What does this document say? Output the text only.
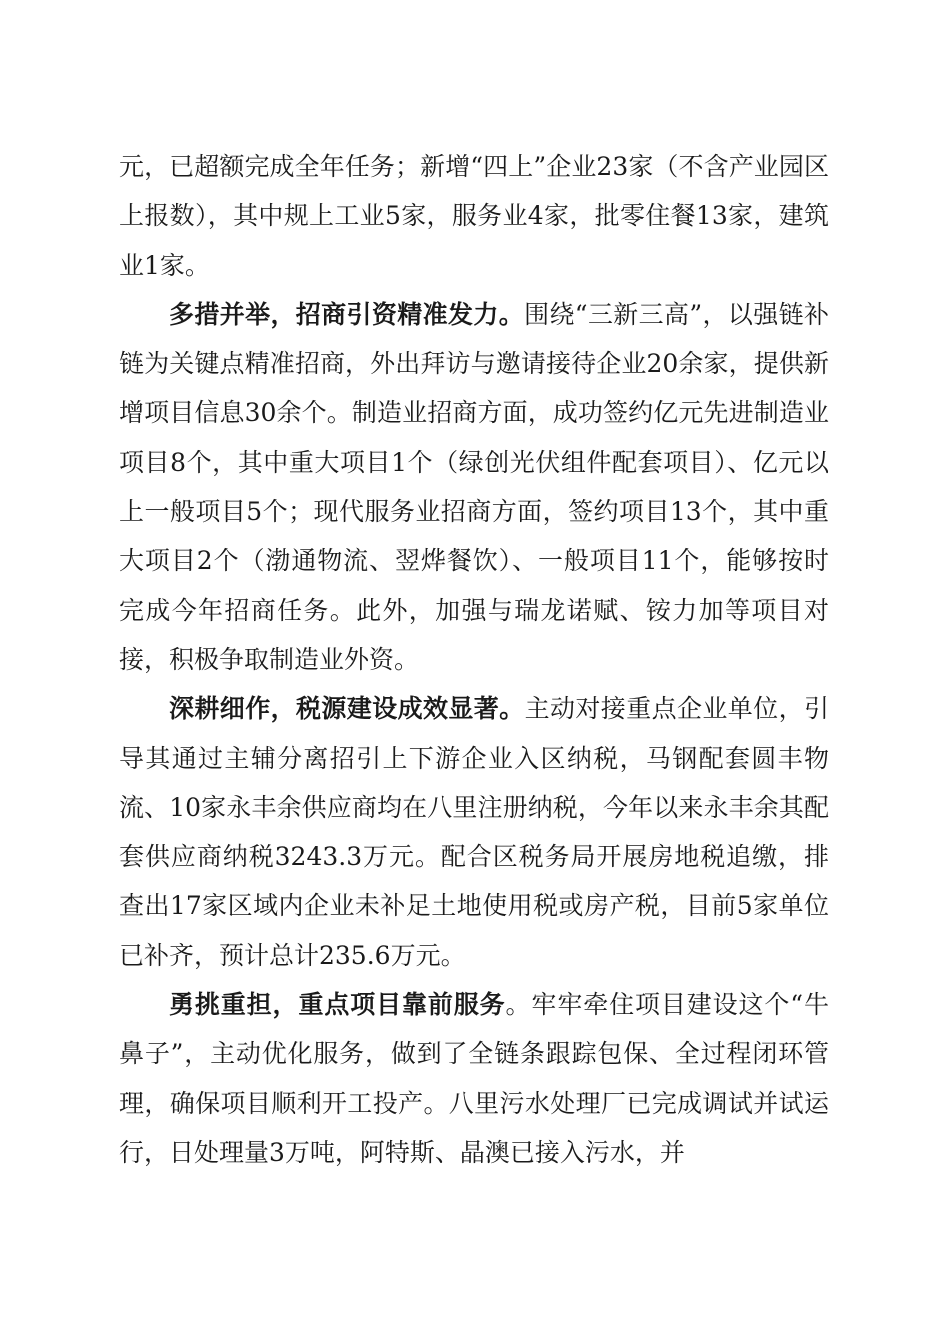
元，已超额完成全年任务；新增“四上”企业23家（不含产业园区上报数），其中规上工业5家，服务业4家，批零住餐13家，建筑业1家。

多措并举，招商引资精准发力。围绕“三新三高”，以强链补链为关键点精准招商，外出拜访与邀请接待企业20余家，提供新增项目信息30余个。制造业招商方面，成功签约亿元先进制造业项目8个，其中重大项目1个（绿创光伏组件配套项目）、亿元以上一般项目5个；现代服务业招商方面，签约项目13个，其中重大项目2个（渤通物流、翌烨餐饮）、一般项目11个，能够按时完成今年招商任务。此外，加强与瑞龙诺赋、铵力加等项目对接，积极争取制造业外资。

深耕细作，税源建设成效显著。主动对接重点企业单位，引导其通过主辅分离招引上下游企业入区纳税，马钢配套圆丰物流、10家永丰余供应商均在八里注册纳税，今年以来永丰余其配套供应商纳税3243.3万元。配合区税务局开展房地税追缴，排查出17家区域内企业未补足土地使用税或房产税，目前5家单位已补齐，预计总计235.6万元。

勇挑重担，重点项目靠前服务。牢牢牵住项目建设这个“牛鼻子”，主动优化服务，做到了全链条跟踪包保、全过程闭环管理，确保项目顺利开工投产。八里污水处理厂已完成调试并试运行，日处理量3万吨，阿特斯、晶澳已接入污水，并
